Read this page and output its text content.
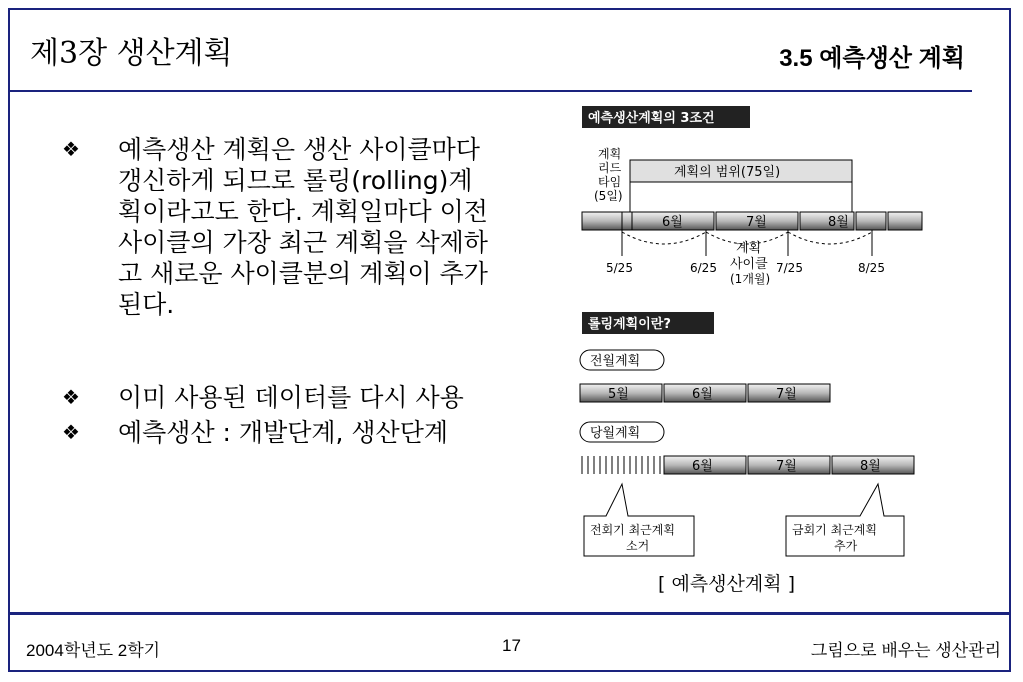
제3장 생산계획	3.5 예측생산 계획
❖ 예측생산 계획은 생산 사이클마다 갱신하게 되므로 롤링(rolling)계획이라고도 한다. 계획일마다 이전 사이클의 가장 최근 계획을 삭제하고 새로운 사이클분의 계획이 추가된다.
❖ 이미 사용된 데이터를 다시 사용
❖ 예측생산 : 개발단계, 생산단계
예측생산계획의 3조건
계획
리드
타임
(5일)
계획의 범위(75일)
6월	7월	8월
5/25	6/25	7/25	8/25
계획
사이클
(1개월)
롤링계획이란?
전월계획
5월	6월	7월
당월계획
6월	7월	8월
전회기 최근계획
소거
금회기 최근계획
추가
[ 예측생산계획 ]
2004학년도 2학기	17	그림으로 배우는 생산관리
